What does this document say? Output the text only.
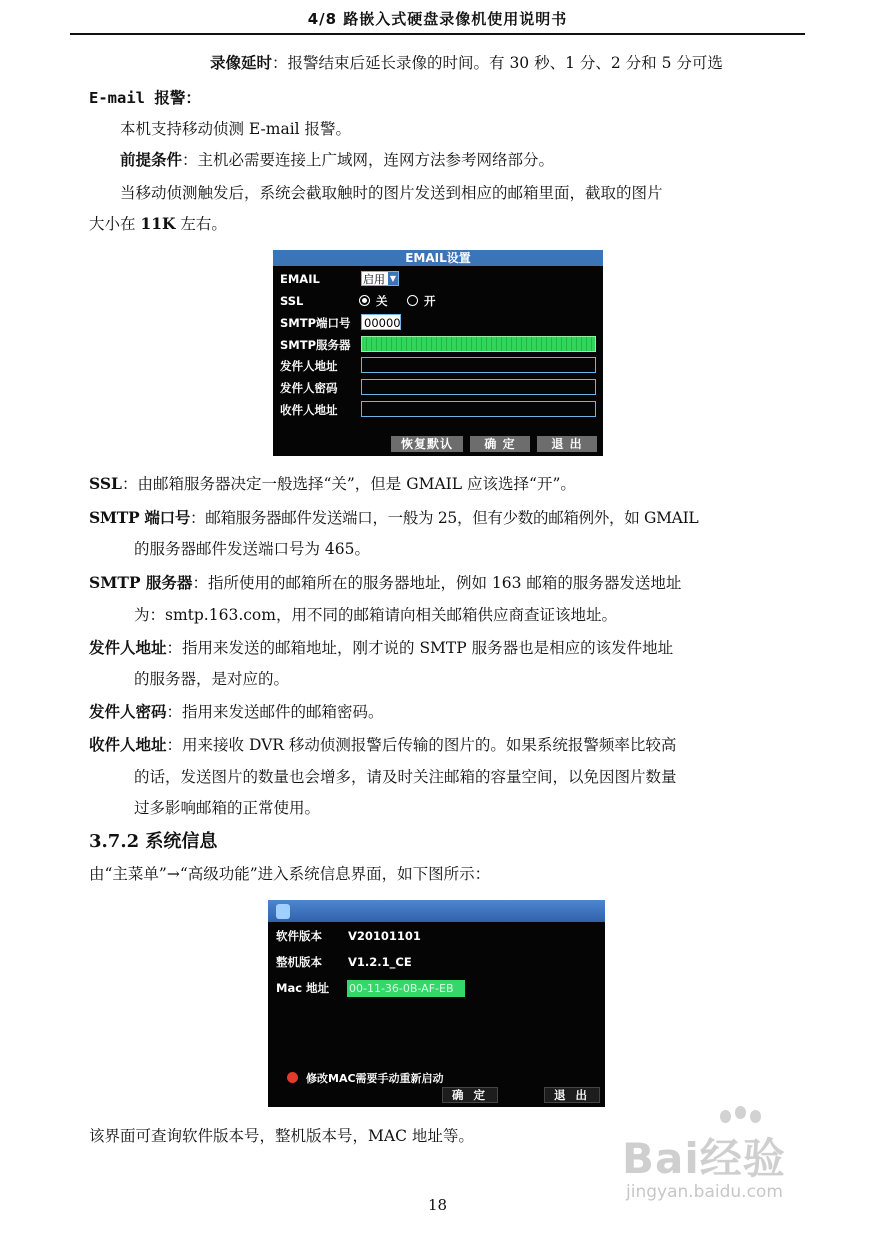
4/8 路嵌入式硬盘录像机使用说明书
录像延时：报警结束后延长录像的时间。有 30 秒、1 分、2 分和 5 分可选
E-mail 报警：
本机支持移动侦测 E-mail 报警。
前提条件：主机必需要连接上广域网，连网方法参考网络部分。
当移动侦测触发后，系统会截取触时的图片发送到相应的邮箱里面，截取的图片
大小在 11K 左右。
EMAIL设置
EMAIL	启用 ▼
SSL	关	开
SMTP端口号 00000
SMTP服务器
发件人地址
发件人密码
收件人地址
恢复默认	确 定	退 出
SSL：由邮箱服务器决定一般选择“关”，但是 GMAIL 应该选择“开”。
SMTP 端口号：邮箱服务器邮件发送端口，一般为 25，但有少数的邮箱例外，如 GMAIL
的服务器邮件发送端口号为 465。
SMTP 服务器：指所使用的邮箱所在的服务器地址，例如 163 邮箱的服务器发送地址
为：smtp.163.com，用不同的邮箱请向相关邮箱供应商查证该地址。
发件人地址：指用来发送的邮箱地址，刚才说的 SMTP 服务器也是相应的该发件地址
的服务器，是对应的。
发件人密码：指用来发送邮件的邮箱密码。
收件人地址：用来接收 DVR 移动侦测报警后传输的图片的。如果系统报警频率比较高
的话，发送图片的数量也会增多，请及时关注邮箱的容量空间，以免因图片数量
过多影响邮箱的正常使用。
3.7.2 系统信息
由“主菜单”→“高级功能”进入系统信息界面，如下图所示：
软件版本 V20101101
整机版本 V1.2.1_CE
Mac 地址 00-11-36-0B-AF-EB
修改MAC需要手动重新启动
确 定	退 出
该界面可查询软件版本号，整机版本号，MAC 地址等。	Bai经验
jingyan.baidu.com
18
